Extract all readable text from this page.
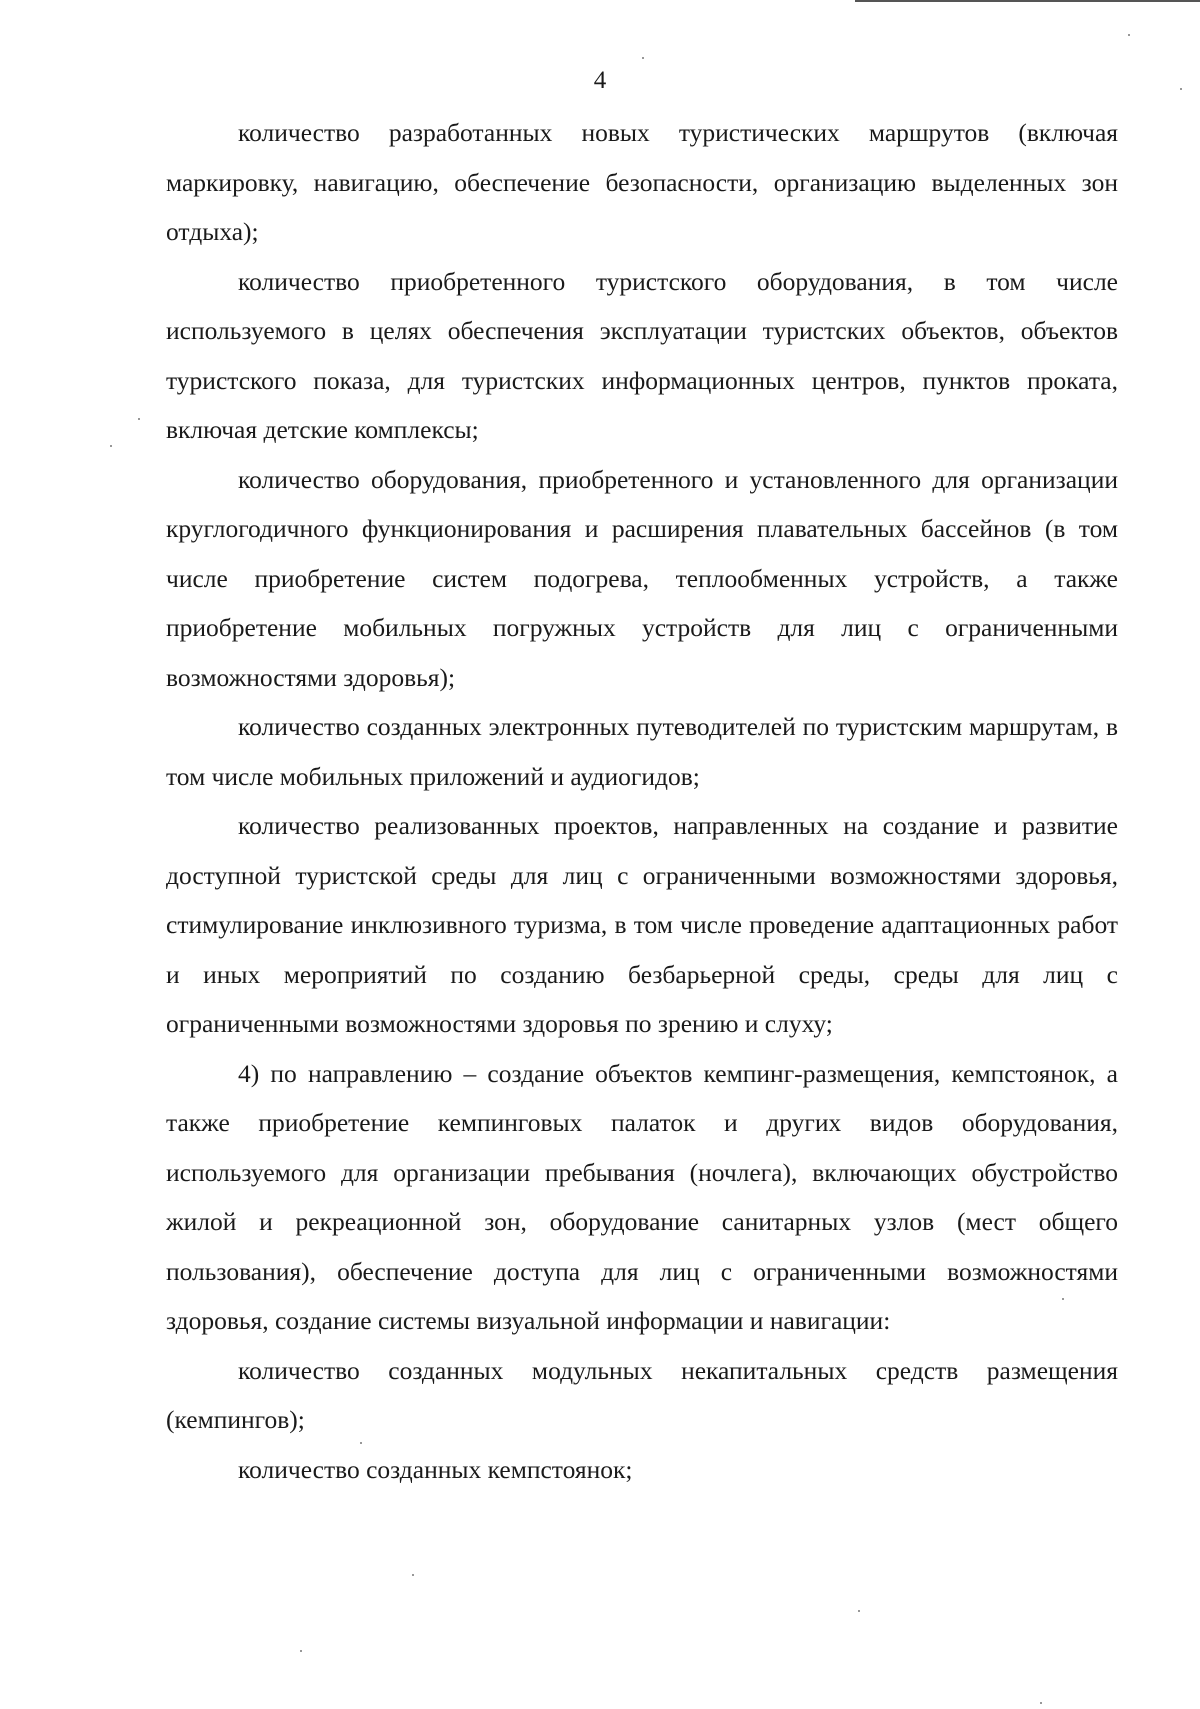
4

количество разработанных новых туристических маршрутов (включая маркировку, навигацию, обеспечение безопасности, организацию выделенных зон отдыха);

количество приобретенного туристского оборудования, в том числе используемого в целях обеспечения эксплуатации туристских объектов, объектов туристского показа, для туристских информационных центров, пунктов проката, включая детские комплексы;

количество оборудования, приобретенного и установленного для организации круглогодичного функционирования и расширения плавательных бассейнов (в том числе приобретение систем подогрева, теплообменных устройств, а также приобретение мобильных погружных устройств для лиц с ограниченными возможностями здоровья);

количество созданных электронных путеводителей по туристским маршрутам, в том числе мобильных приложений и аудиогидов;

количество реализованных проектов, направленных на создание и развитие доступной туристской среды для лиц с ограниченными возможностями здоровья, стимулирование инклюзивного туризма, в том числе проведение адаптационных работ и иных мероприятий по созданию безбарьерной среды, среды для лиц с ограниченными возможностями здоровья по зрению и слуху;

4) по направлению – создание объектов кемпинг-размещения, кемпстоянок, а также приобретение кемпинговых палаток и других видов оборудования, используемого для организации пребывания (ночлега), включающих обустройство жилой и рекреационной зон, оборудование санитарных узлов (мест общего пользования), обеспечение доступа для лиц с ограниченными возможностями здоровья, создание системы визуальной информации и навигации:

количество созданных модульных некапитальных средств размещения (кемпингов);

количество созданных кемпстоянок;
